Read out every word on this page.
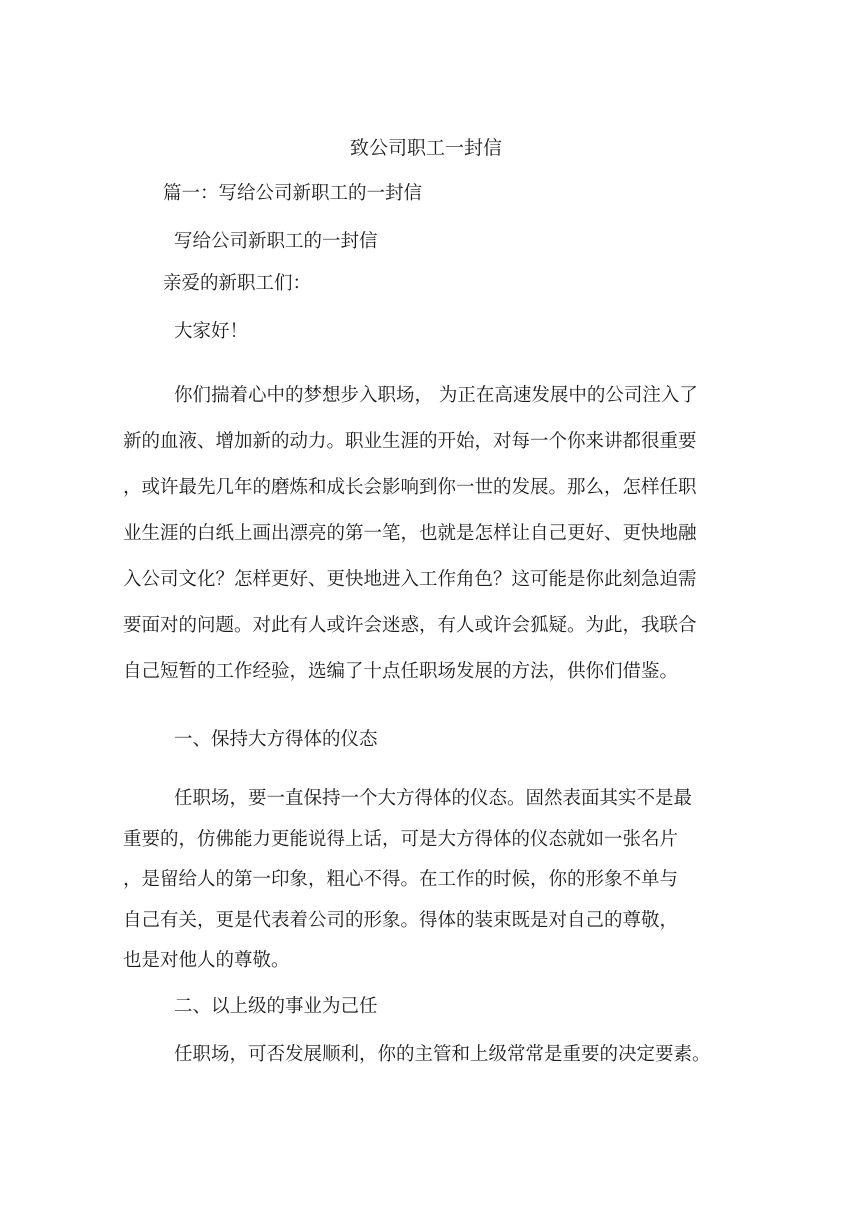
致公司职工一封信
篇一：写给公司新职工的一封信
写给公司新职工的一封信
亲爱的新职工们：
大家好！
你们揣着心中的梦想步入职场， 为正在高速发展中的公司注入了
新的血液、增加新的动力。职业生涯的开始，对每一个你来讲都很重要
，或许最先几年的磨炼和成长会影响到你一世的发展。那么，怎样任职
业生涯的白纸上画出漂亮的第一笔，也就是怎样让自己更好、更快地融
入公司文化？怎样更好、更快地进入工作角色？这可能是你此刻急迫需
要面对的问题。对此有人或许会迷惑，有人或许会狐疑。为此，我联合
自己短暂的工作经验，选编了十点任职场发展的方法，供你们借鉴。
一、保持大方得体的仪态
任职场，要一直保持一个大方得体的仪态。固然表面其实不是最
重要的，仿佛能力更能说得上话，可是大方得体的仪态就如一张名片
，是留给人的第一印象，粗心不得。在工作的时候，你的形象不单与
自己有关，更是代表着公司的形象。得体的装束既是对自己的尊敬，
也是对他人的尊敬。
二、以上级的事业为己任
任职场，可否发展顺利，你的主管和上级常常是重要的决定要素。
